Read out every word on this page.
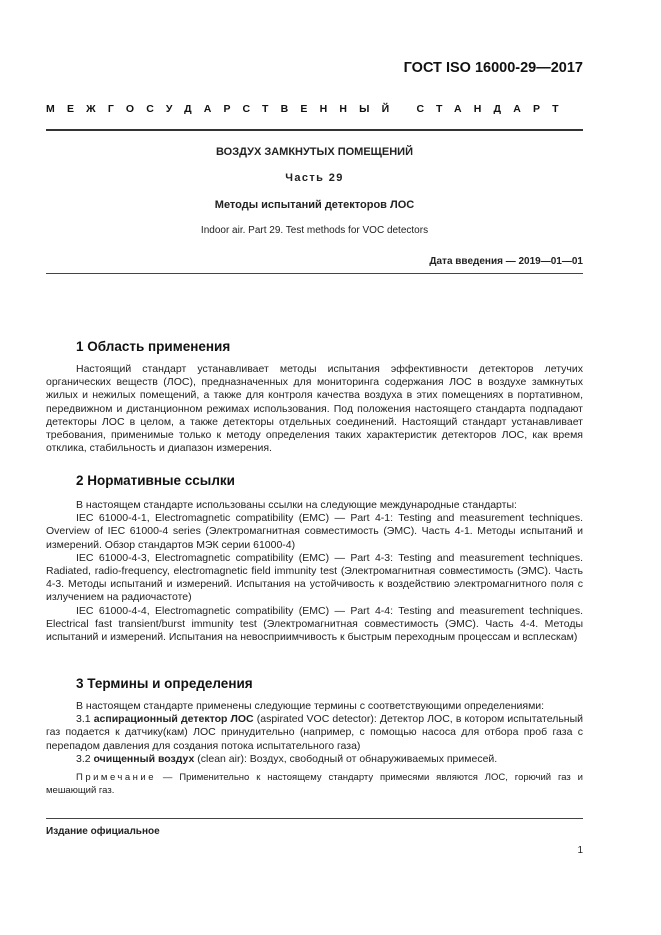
ГОСТ ISO 16000-29—2017
МЕЖГОСУДАРСТВЕННЫЙ СТАНДАРТ
ВОЗДУХ ЗАМКНУТЫХ ПОМЕЩЕНИЙ
Часть 29
Методы испытаний детекторов ЛОС
Indoor air. Part 29. Test methods for VOC detectors
Дата введения — 2019—01—01
1 Область применения

Настоящий стандарт устанавливает методы испытания эффективности детекторов летучих органических веществ (ЛОС), предназначенных для мониторинга содержания ЛОС в воздухе замкнутых жилых и нежилых помещений, а также для контроля качества воздуха в этих помещениях в портативном, передвижном и дистанционном режимах использования. Под положения настоящего стандарта подпадают детекторы ЛОС в целом, а также детекторы отдельных соединений. Настоящий стандарт устанавливает требования, применимые только к методу определения таких характеристик детекторов ЛОС, как время отклика, стабильность и диапазон измерения.

2 Нормативные ссылки

В настоящем стандарте использованы ссылки на следующие международные стандарты:

IEC 61000-4-1, Electromagnetic compatibility (EMC) — Part 4-1: Testing and measurement techniques. Overview of IEC 61000-4 series (Электромагнитная совместимость (ЭМС). Часть 4-1. Методы испытаний и измерений. Обзор стандартов МЭК серии 61000-4)

IEC 61000-4-3, Electromagnetic compatibility (EMC) — Part 4-3: Testing and measurement techniques. Radiated, radio-frequency, electromagnetic field immunity test (Электромагнитная совместимость (ЭМС). Часть 4-3. Методы испытаний и измерений. Испытания на устойчивость к воздействию электромагнитного поля с излучением на радиочастоте)

IEC 61000-4-4, Electromagnetic compatibility (EMC) — Part 4-4: Testing and measurement techniques. Electrical fast transient/burst immunity test (Электромагнитная совместимость (ЭМС). Часть 4-4. Методы испытаний и измерений. Испытания на невосприимчивость к быстрым переходным процессам и всплескам)

3 Термины и определения

В настоящем стандарте применены следующие термины с соответствующими определениями:

3.1 аспирационный детектор ЛОС (aspirated VOC detector): Детектор ЛОС, в котором испытательный газ подается к датчику(кам) ЛОС принудительно (например, с помощью насоса для отбора проб газа с перепадом давления для создания потока испытательного газа)

3.2 очищенный воздух (clean air): Воздух, свободный от обнаруживаемых примесей.

Примечание — Применительно к настоящему стандарту примесями являются ЛОС, горючий газ и мешающий газ.
Издание официальное
1
